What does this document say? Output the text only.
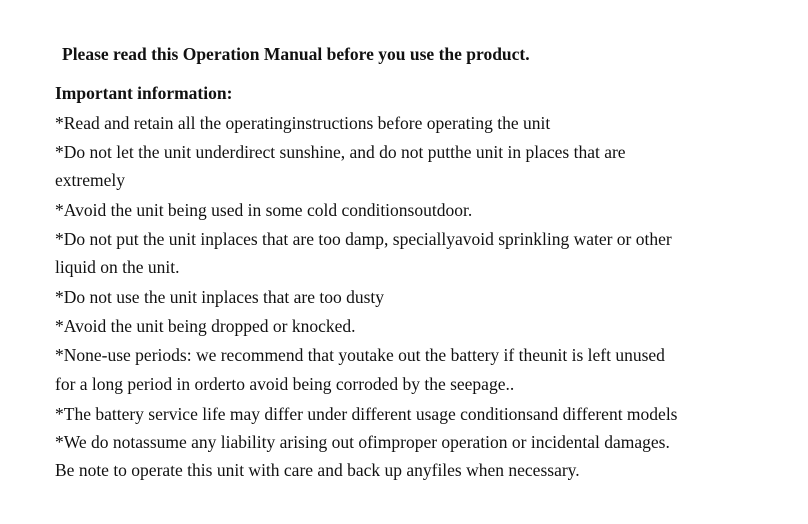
Please read this Operation Manual before you use the product.
Important information:
*Read and retain all the operatinginstructions before operating the unit
*Do not let the unit underdirect sunshine, and do not putthe unit in places that are
extremely
*Avoid the unit being used in some cold conditionsoutdoor.
*Do not put the unit inplaces that are too damp, speciallyavoid sprinkling water or other
liquid on the unit.
*Do not use the unit inplaces that are too dusty
*Avoid the unit being dropped or knocked.
*None-use periods: we recommend that youtake out the battery if theunit is left unused
for a long period in orderto avoid being corroded by the seepage..
*The battery service life may differ under different usage conditionsand different models
*We do notassume any liability arising out ofimproper operation or incidental damages.
Be note to operate this unit with care and back up anyfiles when necessary.
